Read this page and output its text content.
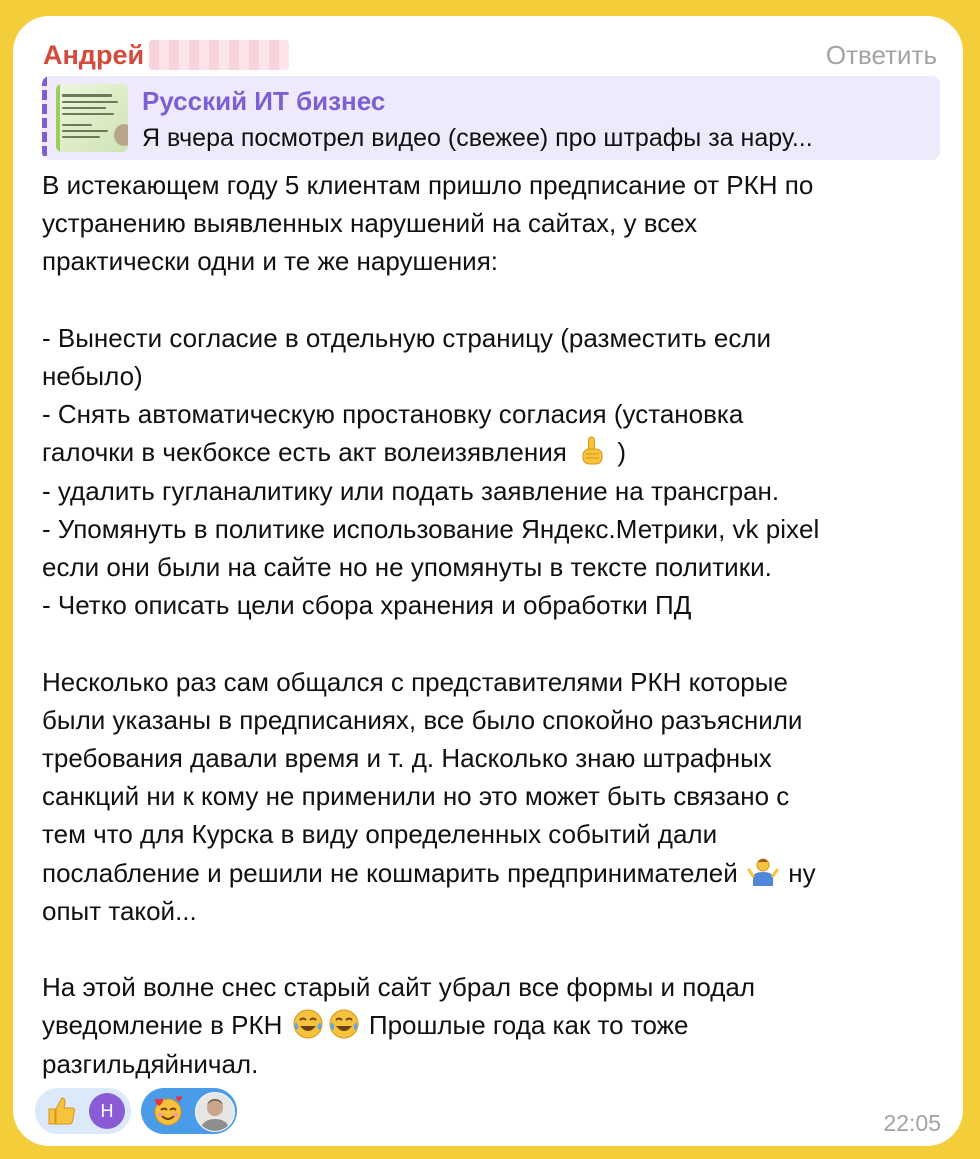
Андрей	Ответить
Русский ИТ бизнес
Я вчера посмотрел видео (свежее) про штрафы за нару...
В истекающем году 5 клиентам пришло предписание от РКН по
устранению выявленных нарушений на сайтах, у всех
практически одни и те же нарушения:
- Вынести согласие в отдельную страницу (разместить если
небыло)
- Снять автоматическую простановку согласия (установка
галочки в чекбоксе есть акт волеизявления )
- удалить гугланалитику или подать заявление на трансгран.
- Упомянуть в политике использование Яндекс.Метрики, vk pixel
если они были на сайте но не упомянуты в тексте политики.
- Четко описать цели сбора хранения и обработки ПД
Несколько раз сам общался с представителями РКН которые
были указаны в предписаниях, все было спокойно разъяснили
требования давали время и т. д. Насколько знаю штрафных
санкций ни к кому не применили но это может быть связано с
тем что для Курска в виду определенных событий дали
послабление и решили не кошмарить предпринимателей ну
опыт такой...
На этой волне снес старый сайт убрал все формы и подал
уведомление в РКН	Прошлые года как то тоже
разгильдяйничал.
Н	22:05
